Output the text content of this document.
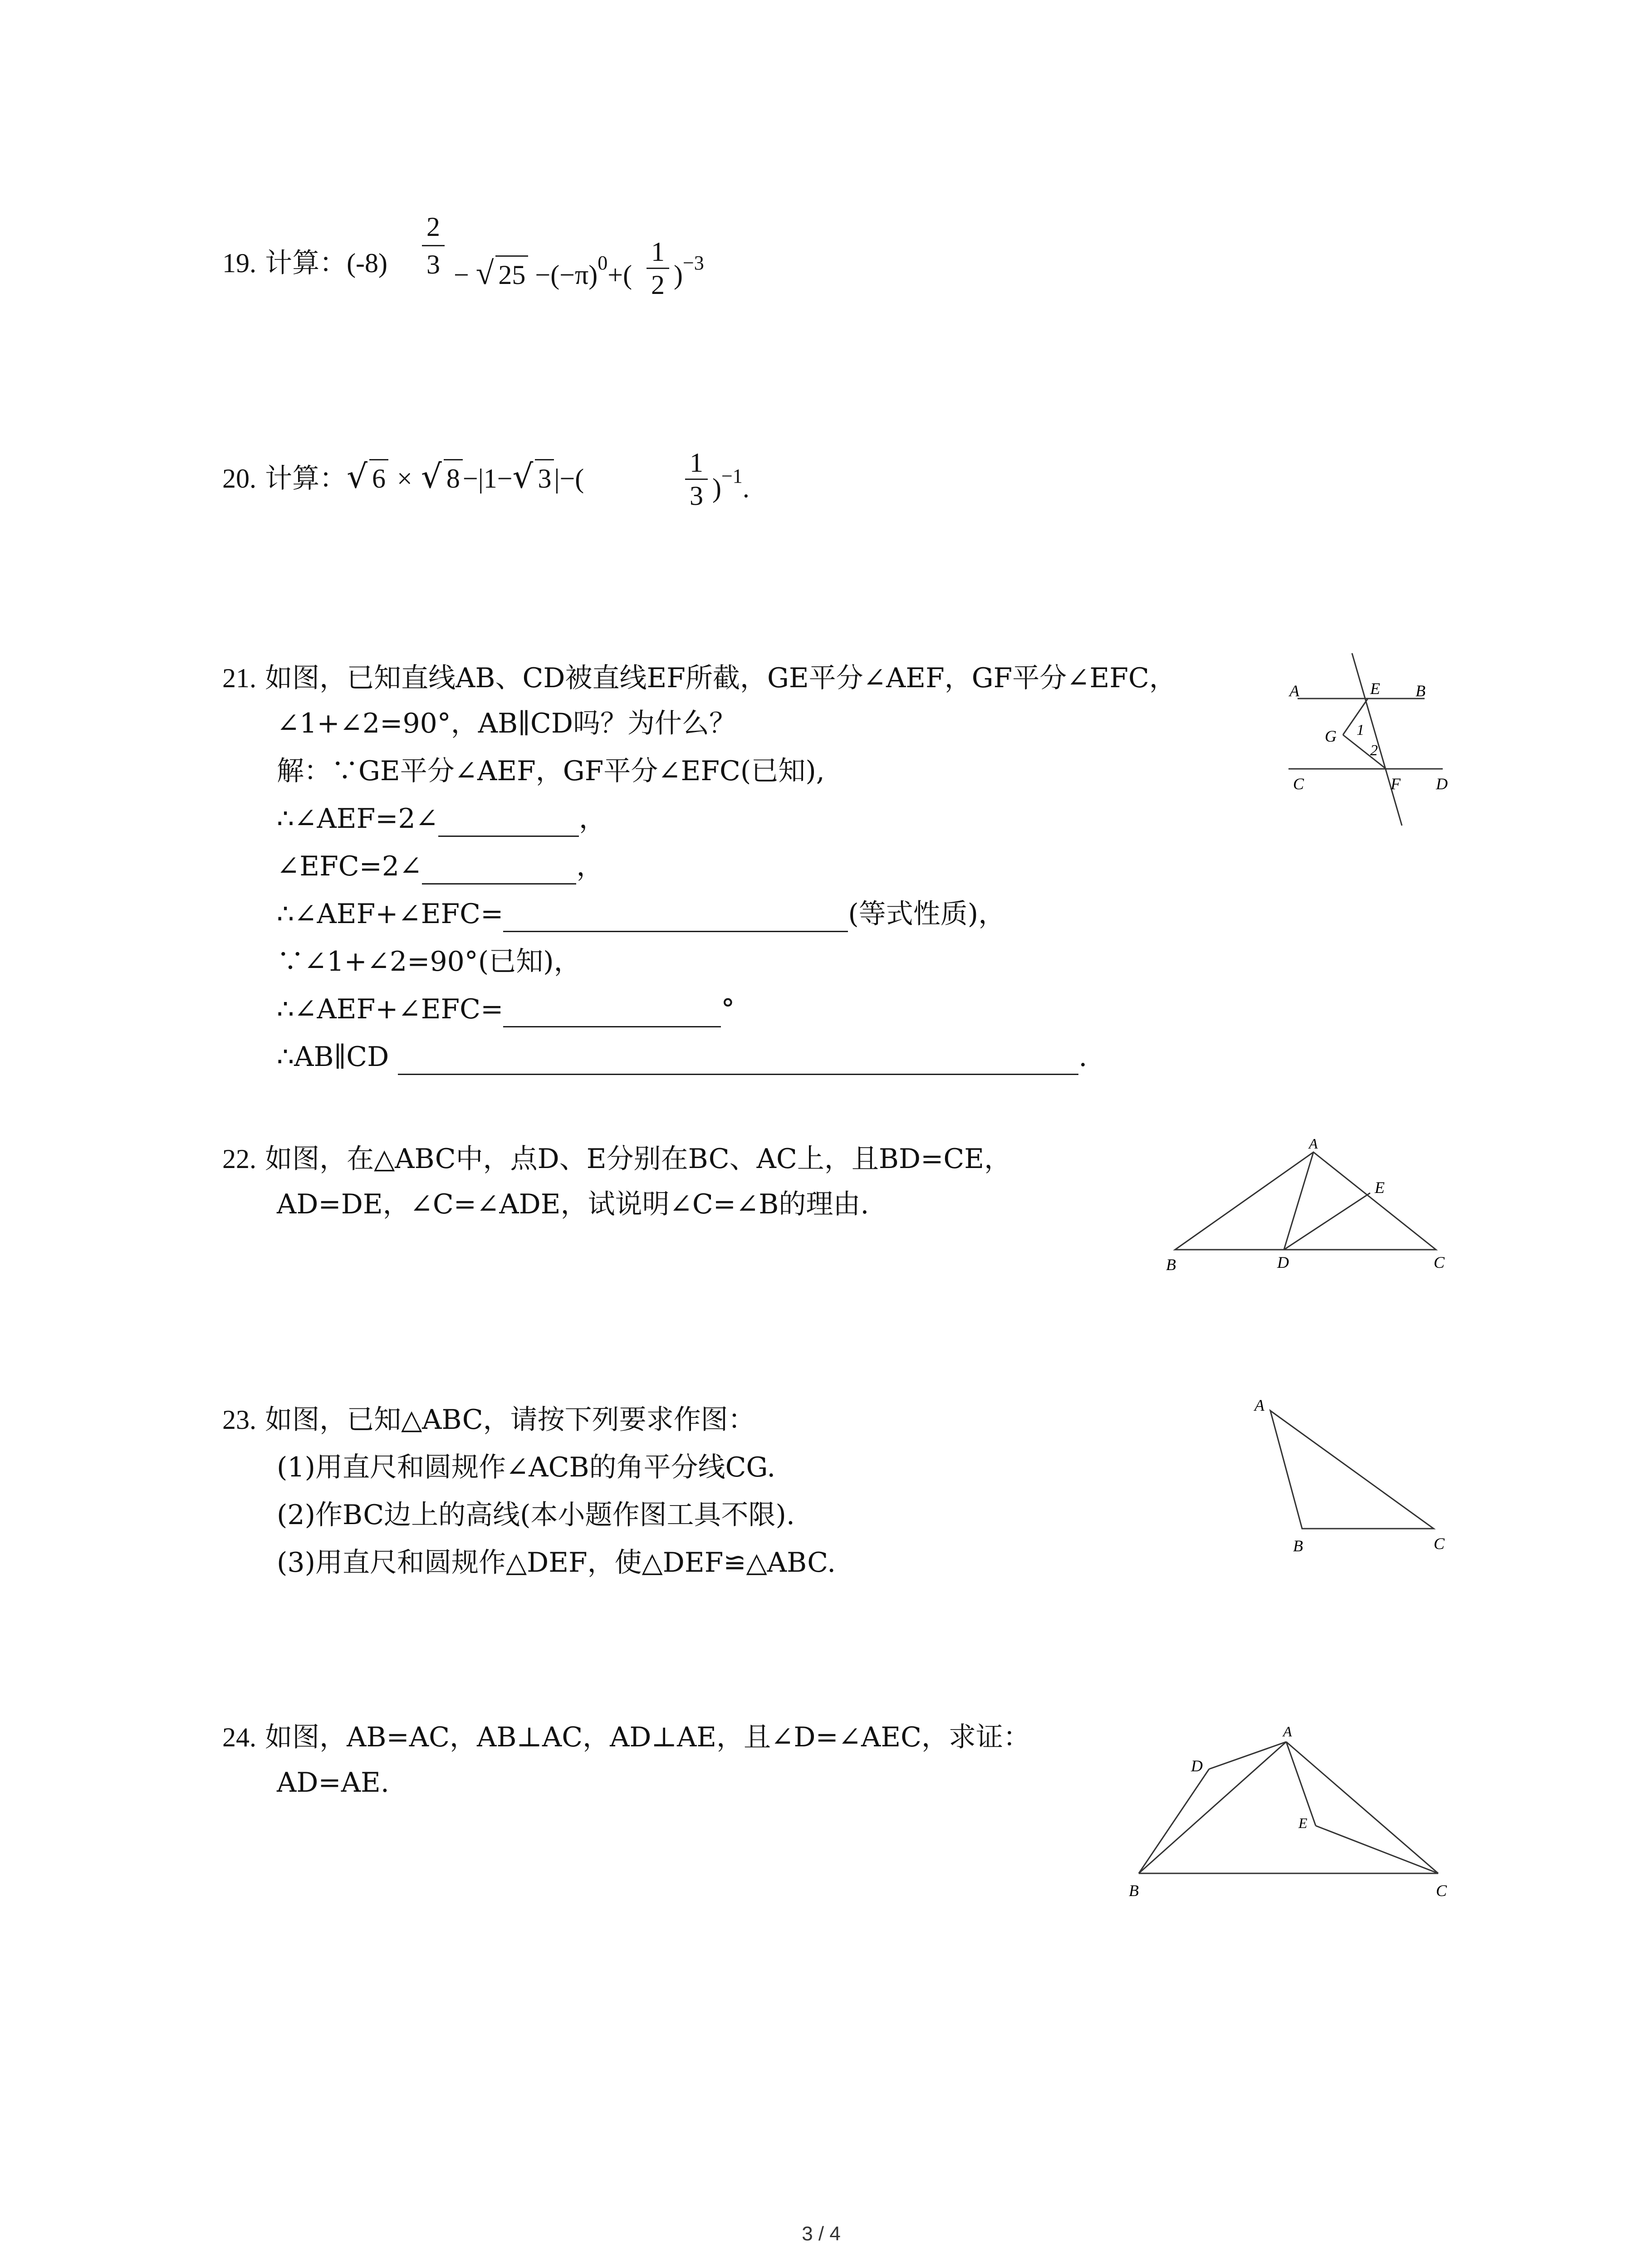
19. 计算：$(-8) \frac{2}{3}$ − √ $25 -(-\pi)^0+( \frac{1}{2} )^{-3}$
20. 计算：√ 6 × √ 8 −|1−√ 3 |−(	$\frac{1}{3} )^{-1}$.
21. 如图，已知直线AB、CD被直线EF所截，GE平分∠AEF，GF平分∠EFC，
∠1+∠2=90°，AB∥CD吗？为什么？
解：∵GE平分∠AEF，GF平分∠EFC(已知),
∴∠AEF=2∠	，
∠EFC=2∠	，
∴∠AEF+∠EFC=	(等式性质)，
∵∠1+∠2=90°(已知)，
∴∠AEF+∠EFC=	°
∴AB∥CD	.
A	E B
G 1
2
C	F D
22. 如图，在△ABC中，点D、E分别在BC、AC上，且BD=CE，
AD=DE，∠C=∠ADE，试说明∠C=∠B的理由.
A
E
B	D	C
23. 如图，已知△ABC，请按下列要求作图：
(1)用直尺和圆规作∠ACB的角平分线CG.
(2)作BC边上的高线(本小题作图工具不限).
(3)用直尺和圆规作△DEF，使△DEF≌△ABC.
A
B	C
24. 如图，AB=AC，AB⊥AC，AD⊥AE，且∠D=∠AEC，求证：
AD=AE.
A
D
E
B	C
3 / 4
